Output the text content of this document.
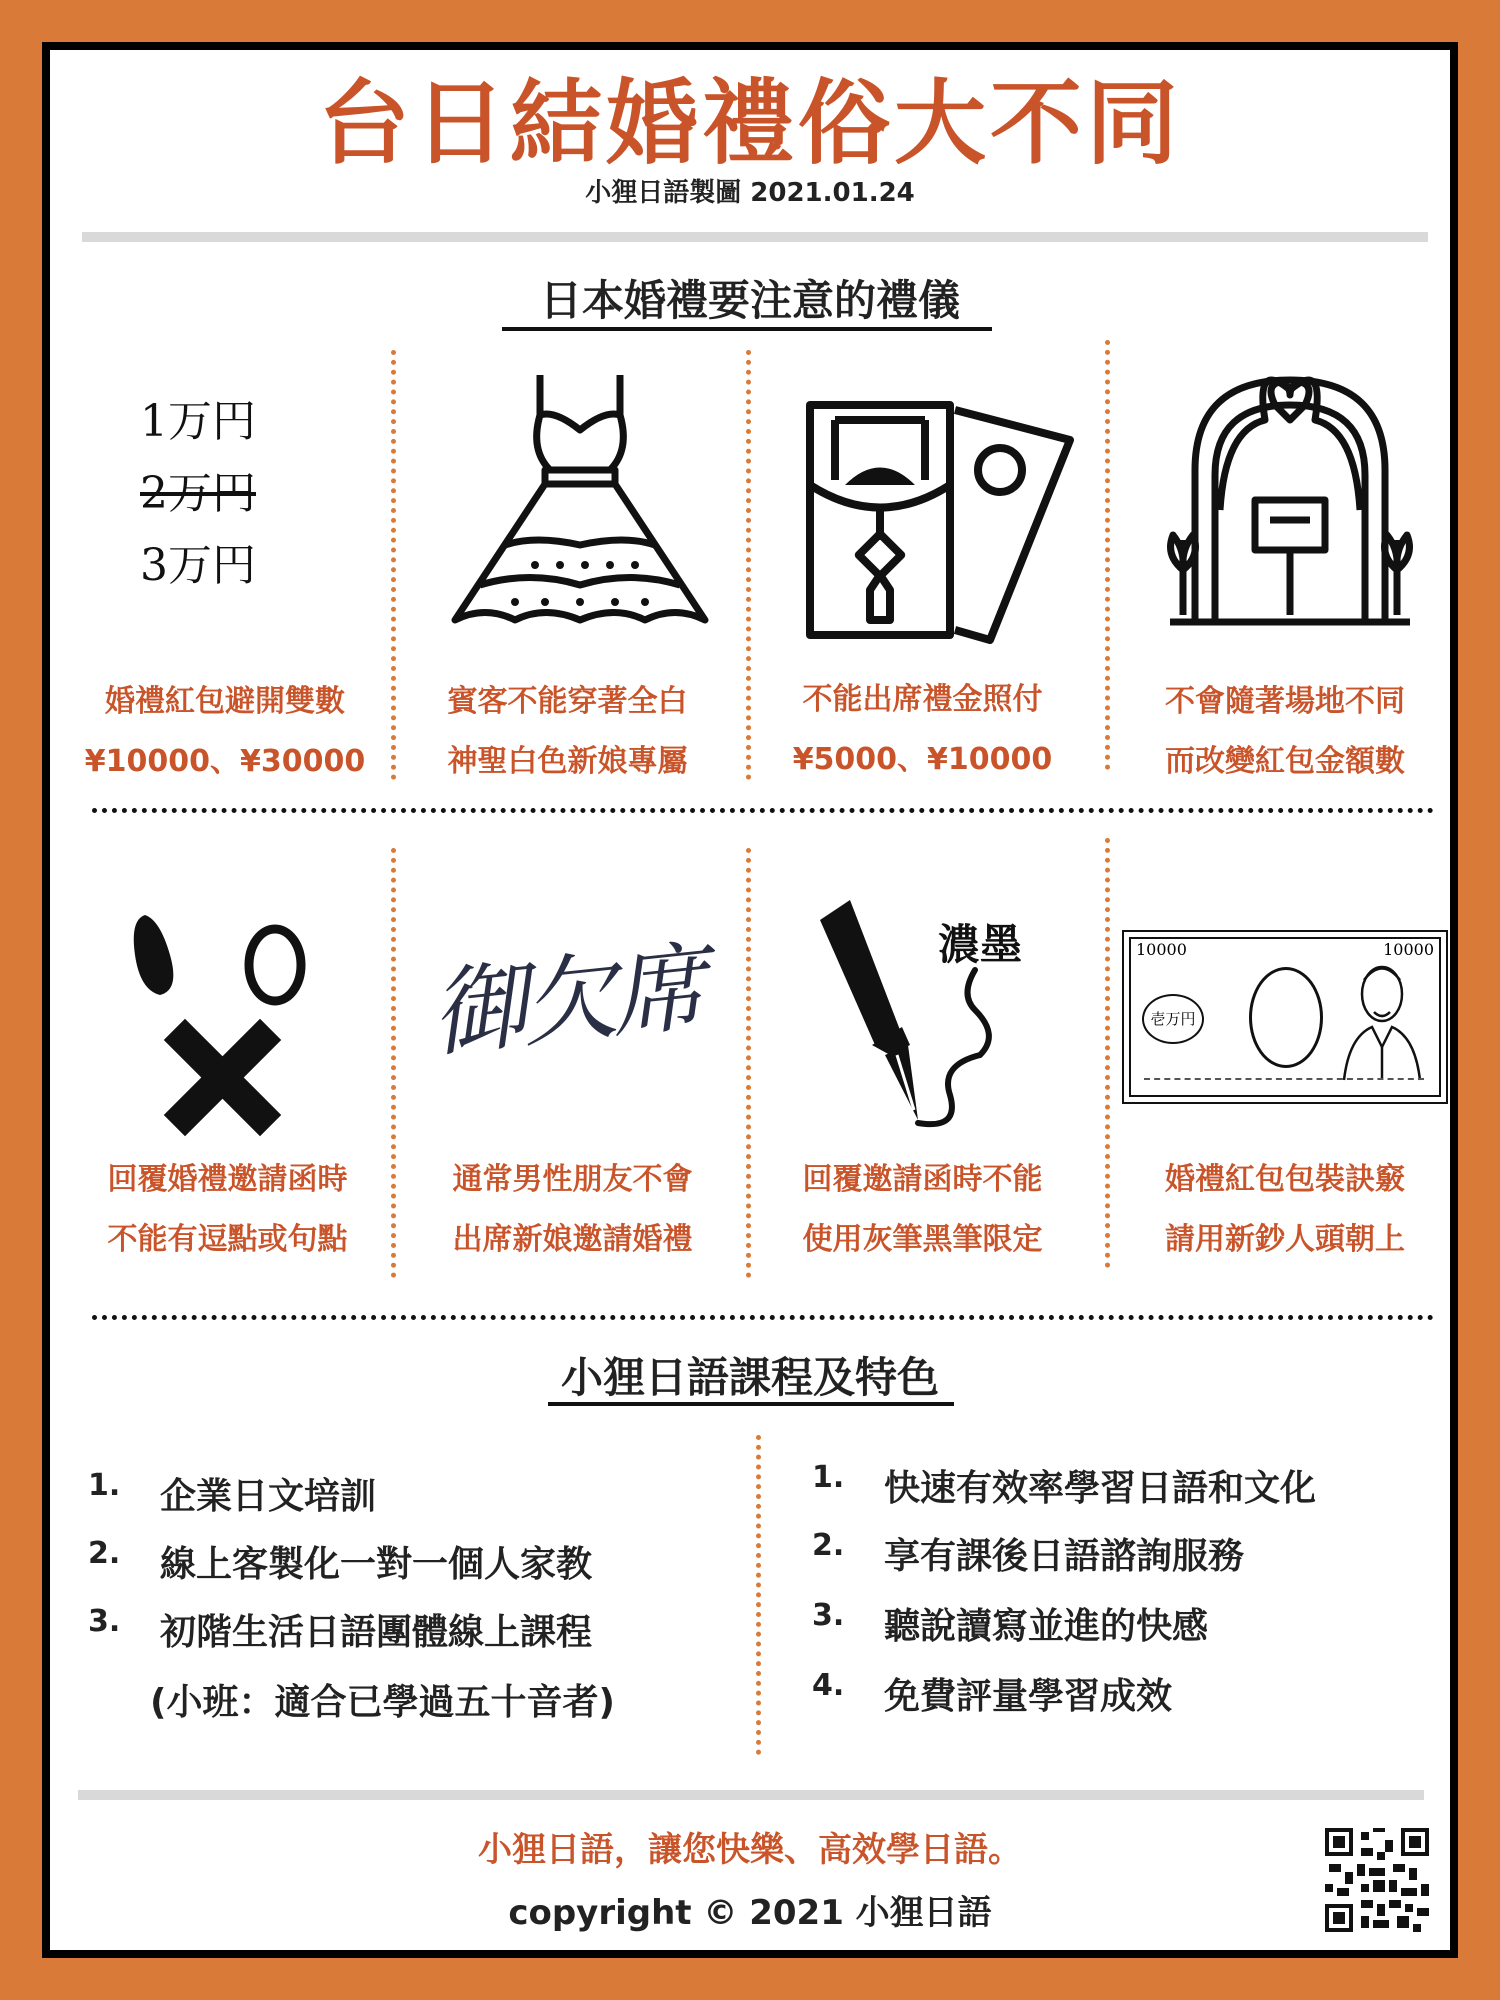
台日結婚禮俗大不同
小狸日語製圖 2021.01.24
日本婚禮要注意的禮儀
1万円
2万円
3万円
婚禮紅包避開雙數
¥10000、¥30000
賓客不能穿著全白
神聖白色新娘專屬
不能出席禮金照付
¥5000、¥10000
不會隨著場地不同
而改變紅包金額數
御欠席	濃墨	10000	10000
壱万円
回覆婚禮邀請函時
不能有逗點或句點
通常男性朋友不會
出席新娘邀請婚禮
回覆邀請函時不能
使用灰筆黑筆限定
婚禮紅包包裝訣竅
請用新鈔人頭朝上
小狸日語課程及特色
1.	企業日文培訓
2.	線上客製化一對一個人家教
3.	初階生活日語團體線上課程
(小班：適合已學過五十音者)
1.	快速有效率學習日語和文化
2.	享有課後日語諮詢服務
3.	聽說讀寫並進的快感
4.	免費評量學習成效
小狸日語，讓您快樂、高效學日語。
copyright © 2021 小狸日語
